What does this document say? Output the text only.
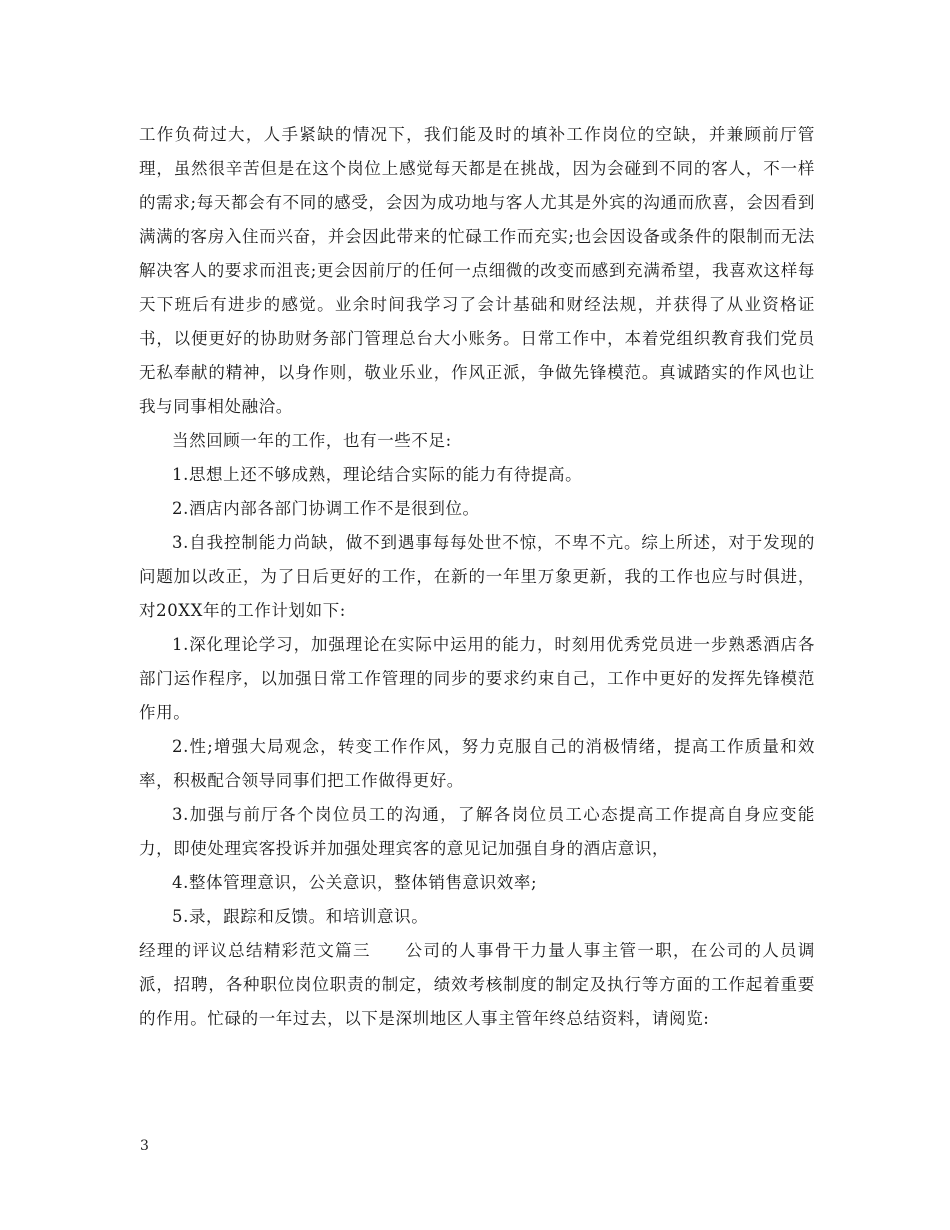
工作负荷过大，人手紧缺的情况下，我们能及时的填补工作岗位的空缺，并兼顾前厅管理，虽然很辛苦但是在这个岗位上感觉每天都是在挑战，因为会碰到不同的客人，不一样的需求;每天都会有不同的感受，会因为成功地与客人尤其是外宾的沟通而欣喜，会因看到满满的客房入住而兴奋，并会因此带来的忙碌工作而充实;也会因设备或条件的限制而无法解决客人的要求而沮丧;更会因前厅的任何一点细微的改变而感到充满希望，我喜欢这样每天下班后有进步的感觉。业余时间我学习了会计基础和财经法规，并获得了从业资格证书，以便更好的协助财务部门管理总台大小账务。日常工作中，本着党组织教育我们党员无私奉献的精神，以身作则，敬业乐业，作风正派，争做先锋模范。真诚踏实的作风也让我与同事相处融洽。

当然回顾一年的工作，也有一些不足:

1.思想上还不够成熟，理论结合实际的能力有待提高。

2.酒店内部各部门协调工作不是很到位。

3.自我控制能力尚缺，做不到遇事每每处世不惊，不卑不亢。综上所述，对于发现的问题加以改正，为了日后更好的工作，在新的一年里万象更新，我的工作也应与时俱进，对20XX年的工作计划如下:

1.深化理论学习，加强理论在实际中运用的能力，时刻用优秀党员进一步熟悉酒店各部门运作程序，以加强日常工作管理的同步的要求约束自己，工作中更好的发挥先锋模范作用。

2.性;增强大局观念，转变工作作风，努力克服自己的消极情绪，提高工作质量和效率，积极配合领导同事们把工作做得更好。

3.加强与前厅各个岗位员工的沟通，了解各岗位员工心态提高工作提高自身应变能力，即使处理宾客投诉并加强处理宾客的意见记加强自身的酒店意识，

4.整体管理意识，公关意识，整体销售意识效率;

5.录，跟踪和反馈。和培训意识。

经理的评议总结精彩范文篇三 公司的人事骨干力量人事主管一职，在公司的人员调派，招聘，各种职位岗位职责的制定，绩效考核制度的制定及执行等方面的工作起着重要的作用。忙碌的一年过去，以下是深圳地区人事主管年终总结资料，请阅览:

3
